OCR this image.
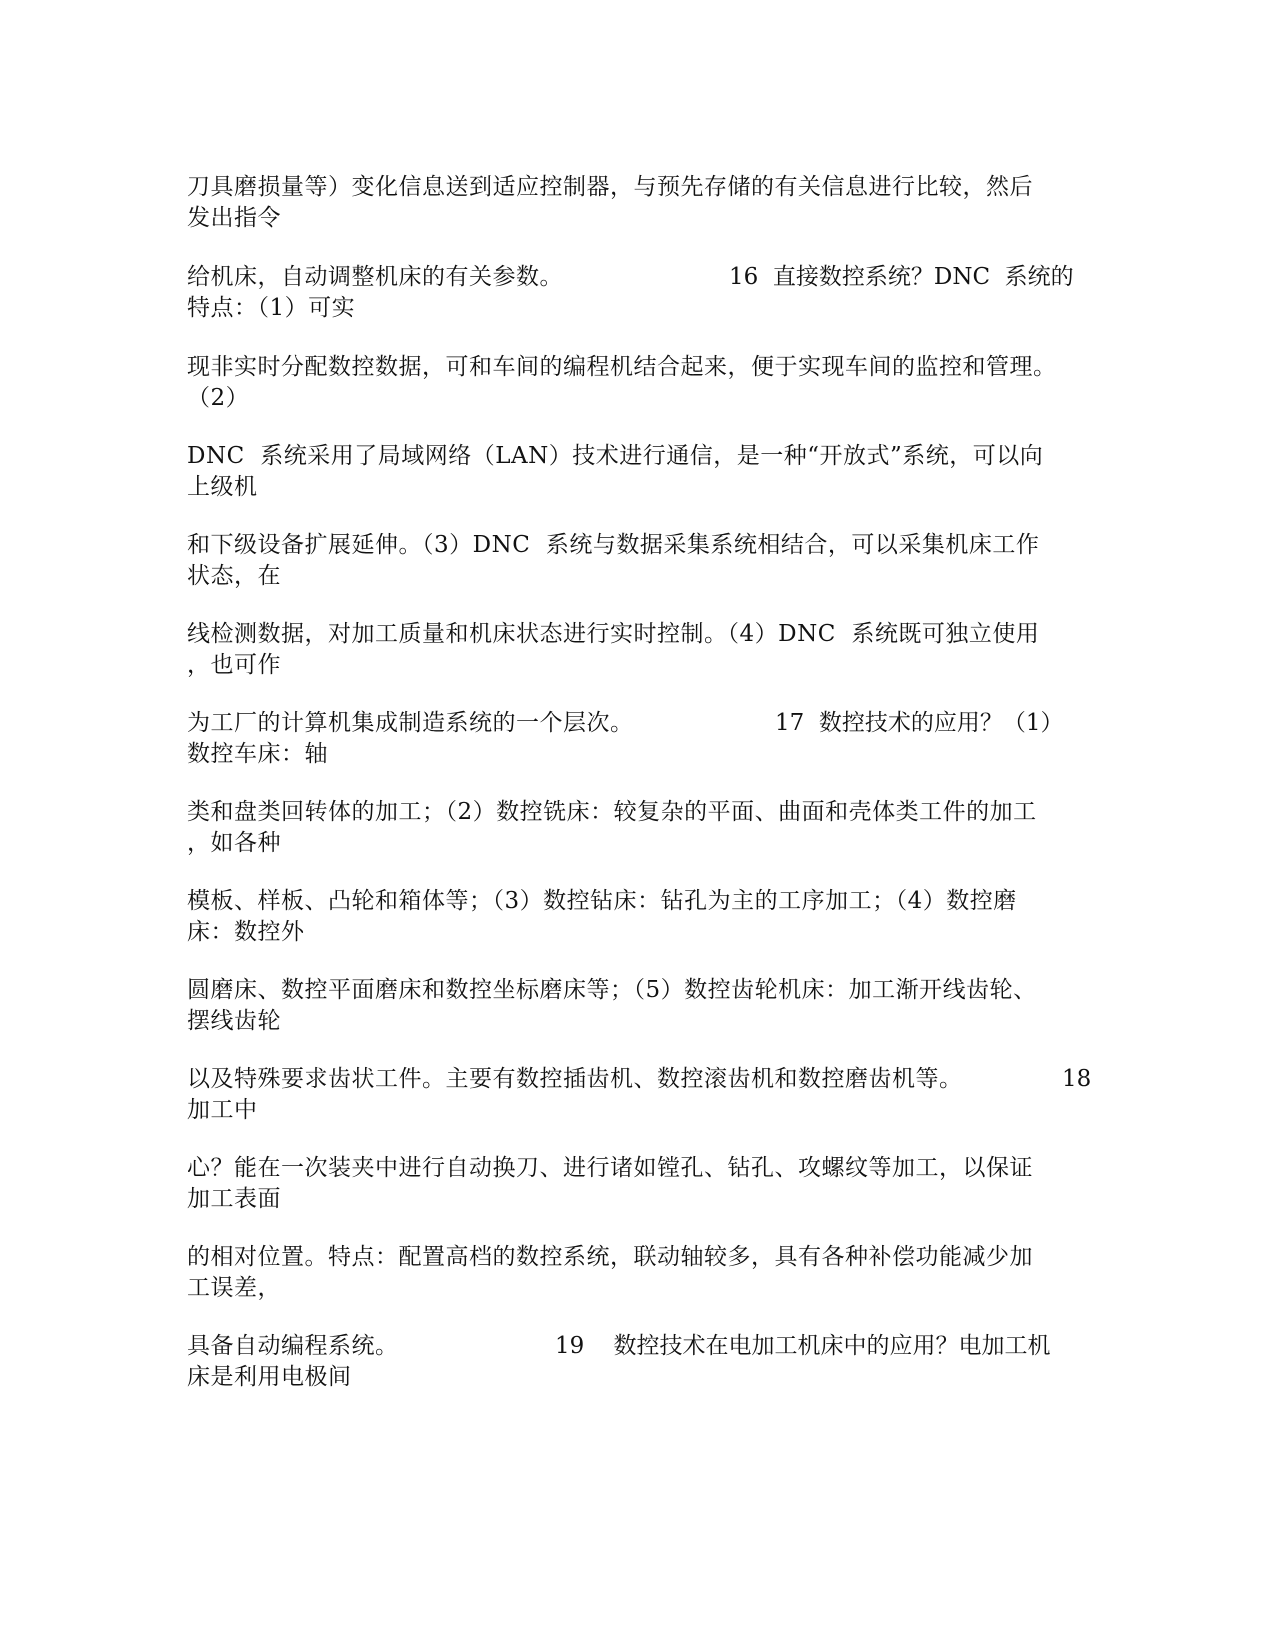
刀具磨损量等）变化信息送到适应控制器，与预先存储的有关信息进行比较，然后
发出指令
给机床，自动调整机床的有关参数。	16  直接数控系统？DNC  系统的
特点：（1）可实
现非实时分配数控数据，可和车间的编程机结合起来，便于实现车间的监控和管理。
（2）
DNC  系统采用了局域网络（LAN）技术进行通信，是一种“开放式”系统，可以向
上级机
和下级设备扩展延伸。（3）DNC  系统与数据采集系统相结合，可以采集机床工作
状态，在
线检测数据，对加工质量和机床状态进行实时控制。（4）DNC  系统既可独立使用
，也可作
为工厂的计算机集成制造系统的一个层次。	17  数控技术的应用？（1）
数控车床：轴
类和盘类回转体的加工；（2）数控铣床：较复杂的平面、曲面和壳体类工件的加工
，如各种
模板、样板、凸轮和箱体等；（3）数控钻床：钻孔为主的工序加工；（4）数控磨
床：数控外
圆磨床、数控平面磨床和数控坐标磨床等；（5）数控齿轮机床：加工渐开线齿轮、
摆线齿轮
以及特殊要求齿状工件。主要有数控插齿机、数控滚齿机和数控磨齿机等。	18
加工中
心？能在一次装夹中进行自动换刀、进行诸如镗孔、钻孔、攻螺纹等加工，以保证
加工表面
的相对位置。特点：配置高档的数控系统，联动轴较多，具有各种补偿功能减少加
工误差，
具备自动编程系统。	19    数控技术在电加工机床中的应用？电加工机
床是利用电极间
